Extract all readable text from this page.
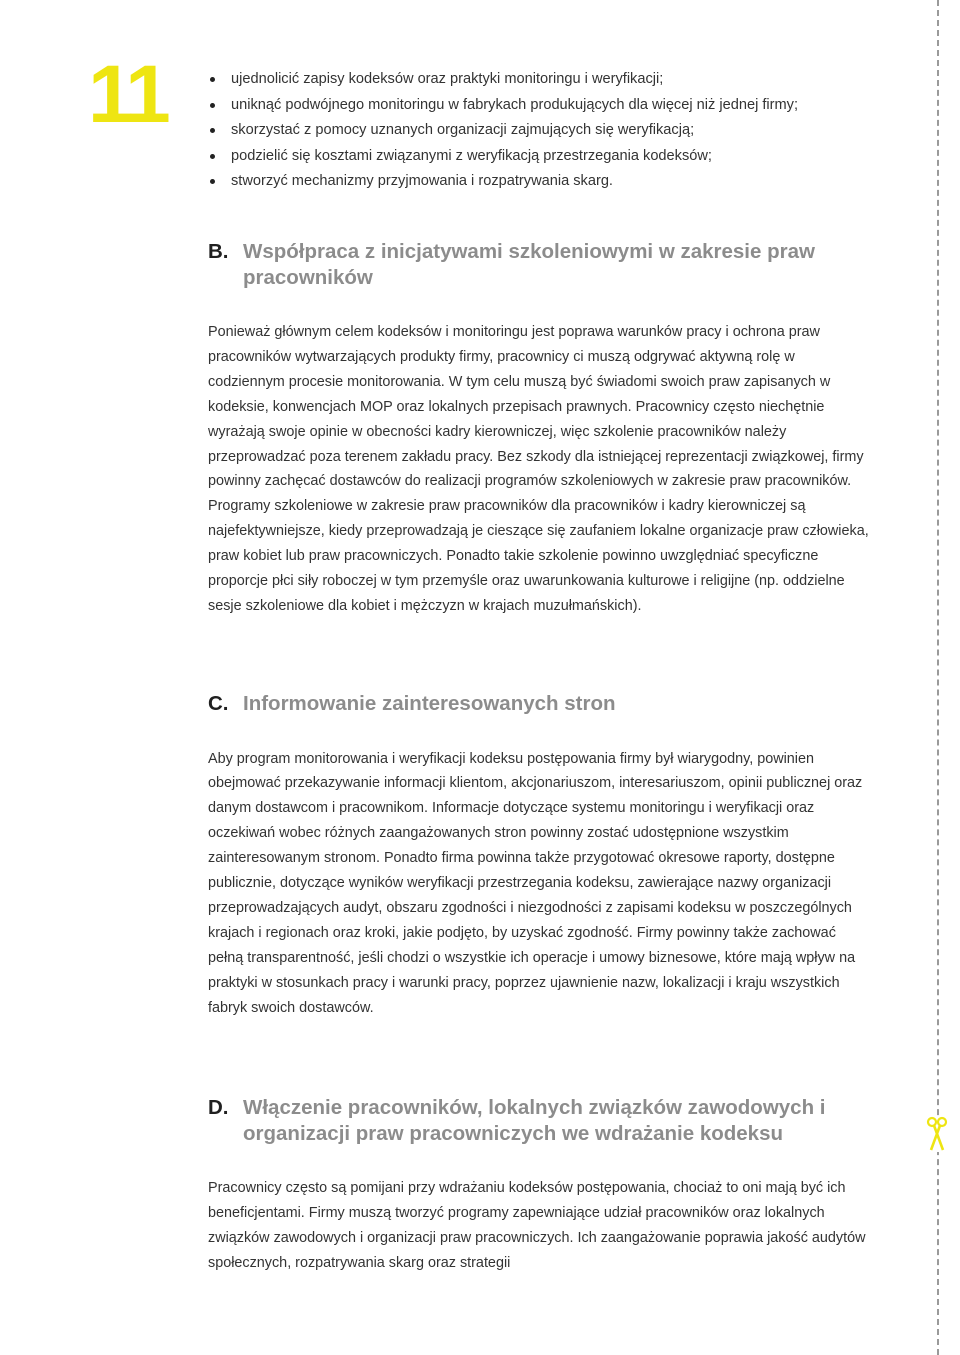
11	ujednolicić zapisy kodeksów oraz praktyki monitoringu i weryfikacji;
uniknąć podwójnego monitoringu w fabrykach produkujących dla więcej niż jednej firmy;
skorzystać z pomocy uznanych organizacji zajmujących się weryfikacją;
podzielić się kosztami związanymi z weryfikacją przestrzegania kodeksów;
stworzyć mechanizmy przyjmowania i rozpatrywania skarg.
B. Współpraca z inicjatywami szkoleniowymi w zakresie praw pracowników

Ponieważ głównym celem kodeksów i monitoringu jest poprawa warunków pracy i ochrona praw pracowników wytwarzających produkty firmy, pracownicy ci muszą odgrywać aktywną rolę w codziennym procesie monitorowania. W tym celu muszą być świadomi swoich praw zapisanych w kodeksie, konwencjach MOP oraz lokalnych przepisach prawnych. Pracownicy często niechętnie wyrażają swoje opinie w obecności kadry kierowniczej, więc szkolenie pracowników należy przeprowadzać poza terenem zakładu pracy. Bez szkody dla istniejącej reprezentacji związkowej, firmy powinny zachęcać dostawców do realizacji programów szkoleniowych w zakresie praw pracowników. Programy szkoleniowe w zakresie praw pracowników dla pracowników i kadry kierowniczej są najefektywniejsze, kiedy przeprowadzają je cieszące się zaufaniem lokalne organizacje praw człowieka, praw kobiet lub praw pracowniczych. Ponadto takie szkolenie powinno uwzględniać specyficzne proporcje płci siły roboczej w tym przemyśle oraz uwarunkowania kulturowe i religijne (np. oddzielne sesje szkoleniowe dla kobiet i mężczyzn w krajach muzułmańskich).

C. Informowanie zainteresowanych stron

Aby program monitorowania i weryfikacji kodeksu postępowania firmy był wiarygodny, powinien obejmować przekazywanie informacji klientom, akcjonariuszom, interesariuszom, opinii publicznej oraz danym dostawcom i pracownikom. Informacje dotyczące systemu monitoringu i weryfikacji oraz oczekiwań wobec różnych zaangażowanych stron powinny zostać udostępnione wszystkim zainteresowanym stronom. Ponadto firma powinna także przygotować okresowe raporty, dostępne publicznie, dotyczące wyników weryfikacji przestrzegania kodeksu, zawierające nazwy organizacji przeprowadzających audyt, obszaru zgodności i niezgodności z zapisami kodeksu w poszczególnych krajach i regionach oraz kroki, jakie podjęto, by uzyskać zgodność. Firmy powinny także zachować pełną transparentność, jeśli chodzi o wszystkie ich operacje i umowy biznesowe, które mają wpływ na praktyki w stosunkach pracy i warunki pracy, poprzez ujawnienie nazw, lokalizacji i kraju wszystkich fabryk swoich dostawców.

D. Włączenie pracowników, lokalnych związków zawodowych i organizacji praw pracowniczych we wdrażanie kodeksu

Pracownicy często są pomijani przy wdrażaniu kodeksów postępowania, chociaż to oni mają być ich beneficjentami. Firmy muszą tworzyć programy zapewniające udział pracowników oraz lokalnych związków zawodowych i organizacji praw pracowniczych. Ich zaangażowanie poprawia jakość audytów społecznych, rozpatrywania skarg oraz strategii
